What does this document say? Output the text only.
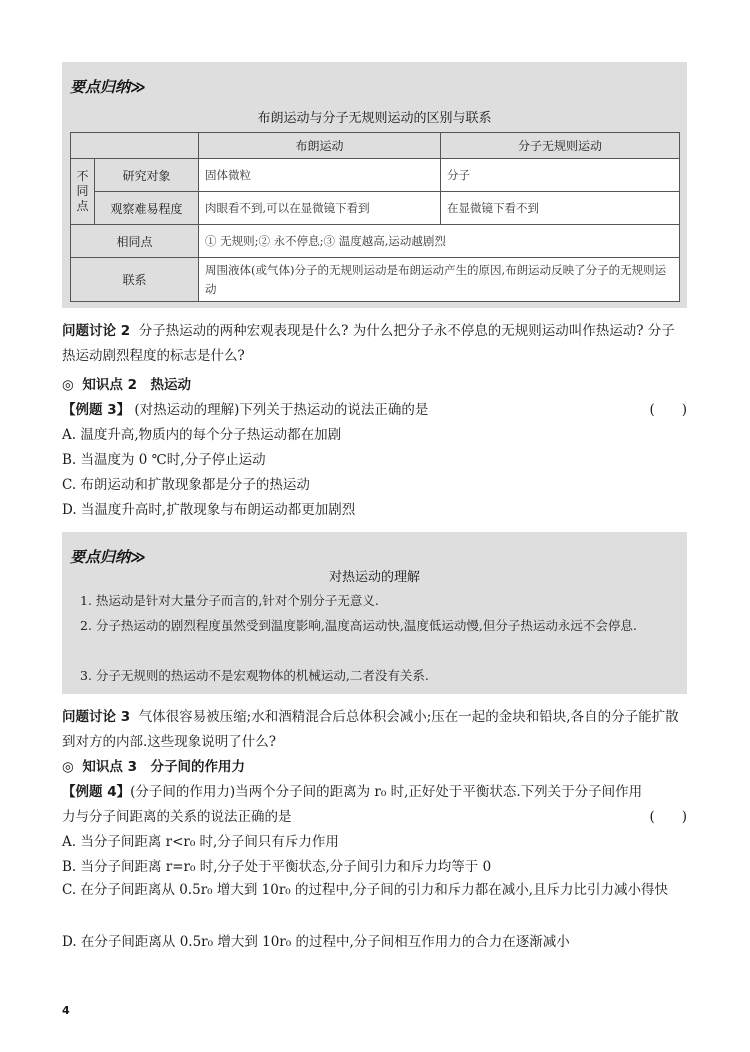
要点归纳≫
布朗运动与分子无规则运动的区别与联系
		布朗运动	分子无规则运动
不同点	研究对象	固体微粒	分子
	观察难易程度	肉眼看不到,可以在显微镜下看到	在显微镜下看不到
相同点		① 无规则;② 永不停息;③ 温度越高,运动越剧烈	
联系		周围液体(或气体)分子的无规则运动是布朗运动产生的原因,布朗运动反映了分子的无规则运动	
问题讨论 2 分子热运动的两种宏观表现是什么? 为什么把分子永不停息的无规则运动叫作热运动? 分子热运动剧烈程度的标志是什么?
◎ 知识点 2　热运动
【例题 3】 (对热运动的理解)下列关于热运动的说法正确的是	(　　)
A. 温度升高,物质内的每个分子热运动都在加剧
B. 当温度为 0 ℃时,分子停止运动
C. 布朗运动和扩散现象都是分子的热运动
D. 当温度升高时,扩散现象与布朗运动都更加剧烈
要点归纳≫
对热运动的理解
1. 热运动是针对大量分子而言的,针对个别分子无意义.
2. 分子热运动的剧烈程度虽然受到温度影响,温度高运动快,温度低运动慢,但分子热运动永远不会停息.
3. 分子无规则的热运动不是宏观物体的机械运动,二者没有关系.
问题讨论 3 气体很容易被压缩;水和酒精混合后总体积会减小;压在一起的金块和铅块,各自的分子能扩散到对方的内部.这些现象说明了什么?
◎ 知识点 3　分子间的作用力
【例题 4】(分子间的作用力)当两个分子间的距离为 r₀ 时,正好处于平衡状态.下列关于分子间作用力与分子间距离的关系的说法正确的是	(　　)
A. 当分子间距离 r<r₀ 时,分子间只有斥力作用
B. 当分子间距离 r=r₀ 时,分子处于平衡状态,分子间引力和斥力均等于 0
C. 在分子间距离从 0.5r₀ 增大到 10r₀ 的过程中,分子间的引力和斥力都在减小,且斥力比引力减小得快
D. 在分子间距离从 0.5r₀ 增大到 10r₀ 的过程中,分子间相互作用力的合力在逐渐减小
4
